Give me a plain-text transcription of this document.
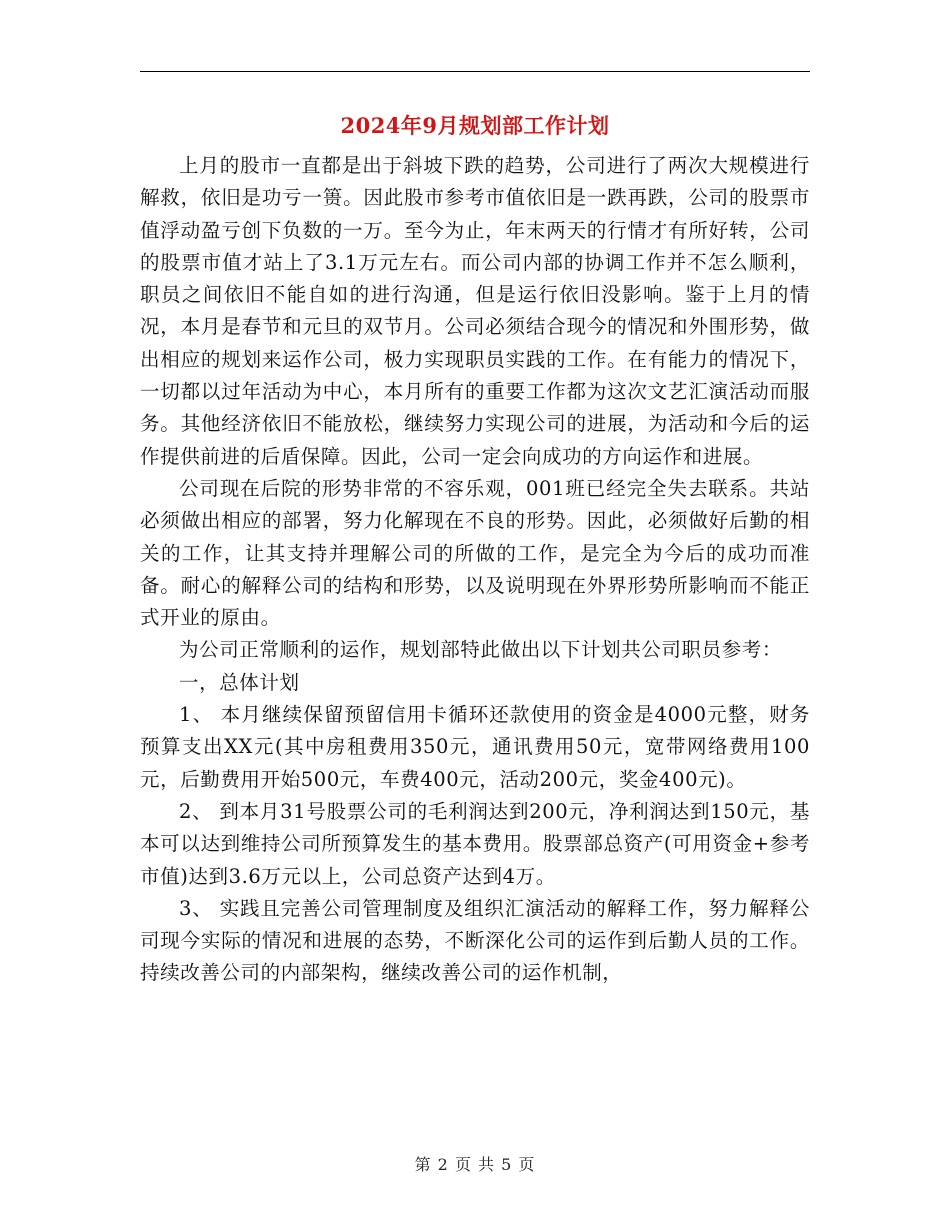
2024年9月规划部工作计划

上月的股市一直都是出于斜坡下跌的趋势，公司进行了两次大规模进行解救，依旧是功亏一篑。因此股市参考市值依旧是一跌再跌，公司的股票市值浮动盈亏创下负数的一万。至今为止，年末两天的行情才有所好转，公司的股票市值才站上了3.1万元左右。而公司内部的协调工作并不怎么顺利，职员之间依旧不能自如的进行沟通，但是运行依旧没影响。鉴于上月的情况，本月是春节和元旦的双节月。公司必须结合现今的情况和外围形势，做出相应的规划来运作公司，极力实现职员实践的工作。在有能力的情况下，一切都以过年活动为中心，本月所有的重要工作都为这次文艺汇演活动而服务。其他经济依旧不能放松，继续努力实现公司的进展，为活动和今后的运作提供前进的后盾保障。因此，公司一定会向成功的方向运作和进展。

公司现在后院的形势非常的不容乐观，001班已经完全失去联系。共站必须做出相应的部署，努力化解现在不良的形势。因此，必须做好后勤的相关的工作，让其支持并理解公司的所做的工作，是完全为今后的成功而准备。耐心的解释公司的结构和形势，以及说明现在外界形势所影响而不能正式开业的原由。

为公司正常顺利的运作，规划部特此做出以下计划共公司职员参考：

一，总体计划

1、 本月继续保留预留信用卡循环还款使用的资金是4000元整，财务预算支出XX元(其中房租费用350元，通讯费用50元，宽带网络费用100元，后勤费用开始500元，车费400元，活动200元，奖金400元)。

2、 到本月31号股票公司的毛利润达到200元，净利润达到150元，基本可以达到维持公司所预算发生的基本费用。股票部总资产(可用资金+参考市值)达到3.6万元以上，公司总资产达到4万。

3、 实践且完善公司管理制度及组织汇演活动的解释工作，努力解释公司现今实际的情况和进展的态势，不断深化公司的运作到后勤人员的工作。持续改善公司的内部架构，继续改善公司的运作机制，

第 2 页 共 5 页
